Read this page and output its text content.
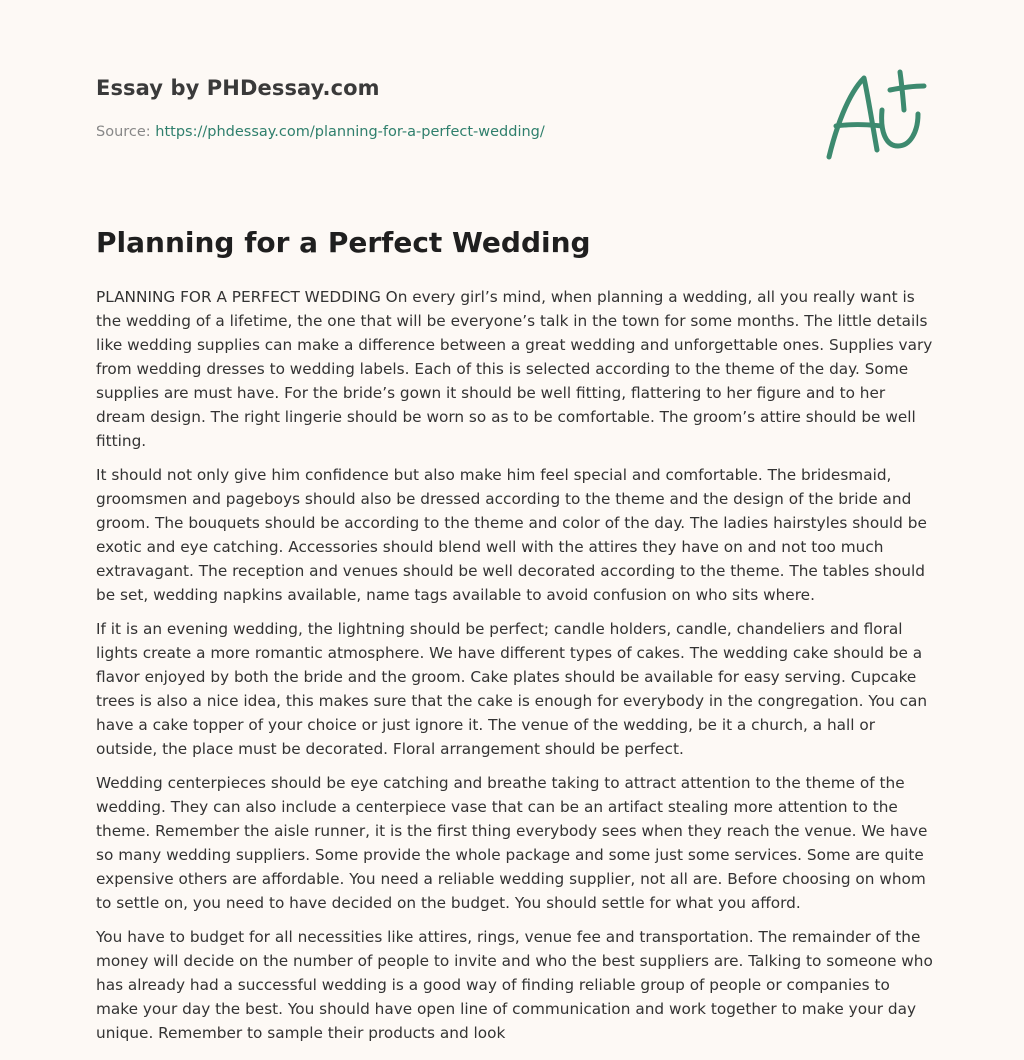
Essay by PHDessay.com
Source: https://phdessay.com/planning-for-a-perfect-wedding/
Planning for a Perfect Wedding

PLANNING FOR A PERFECT WEDDING On every girl’s mind, when planning a wedding, all you really want is the wedding of a lifetime, the one that will be everyone’s talk in the town for some months. The little details like wedding supplies can make a difference between a great wedding and unforgettable ones. Supplies vary from wedding dresses to wedding labels. Each of this is selected according to the theme of the day. Some supplies are must have. For the bride’s gown it should be well fitting, flattering to her figure and to her dream design. The right lingerie should be worn so as to be comfortable. The groom’s attire should be well fitting.

It should not only give him confidence but also make him feel special and comfortable. The bridesmaid, groomsmen and pageboys should also be dressed according to the theme and the design of the bride and groom. The bouquets should be according to the theme and color of the day. The ladies hairstyles should be exotic and eye catching. Accessories should blend well with the attires they have on and not too much extravagant. The reception and venues should be well decorated according to the theme. The tables should be set, wedding napkins available, name tags available to avoid confusion on who sits where.

If it is an evening wedding, the lightning should be perfect; candle holders, candle, chandeliers and floral lights create a more romantic atmosphere. We have different types of cakes. The wedding cake should be a flavor enjoyed by both the bride and the groom. Cake plates should be available for easy serving. Cupcake trees is also a nice idea, this makes sure that the cake is enough for everybody in the congregation. You can have a cake topper of your choice or just ignore it. The venue of the wedding, be it a church, a hall or outside, the place must be decorated. Floral arrangement should be perfect.

Wedding centerpieces should be eye catching and breathe taking to attract attention to the theme of the wedding. They can also include a centerpiece vase that can be an artifact stealing more attention to the theme. Remember the aisle runner, it is the first thing everybody sees when they reach the venue. We have so many wedding suppliers. Some provide the whole package and some just some services. Some are quite expensive others are affordable. You need a reliable wedding supplier, not all are. Before choosing on whom to settle on, you need to have decided on the budget. You should settle for what you afford.

You have to budget for all necessities like attires, rings, venue fee and transportation. The remainder of the money will decide on the number of people to invite and who the best suppliers are. Talking to someone who has already had a successful wedding is a good way of finding reliable group of people or companies to make your day the best. You should have open line of communication and work together to make your day unique. Remember to sample their products and look
